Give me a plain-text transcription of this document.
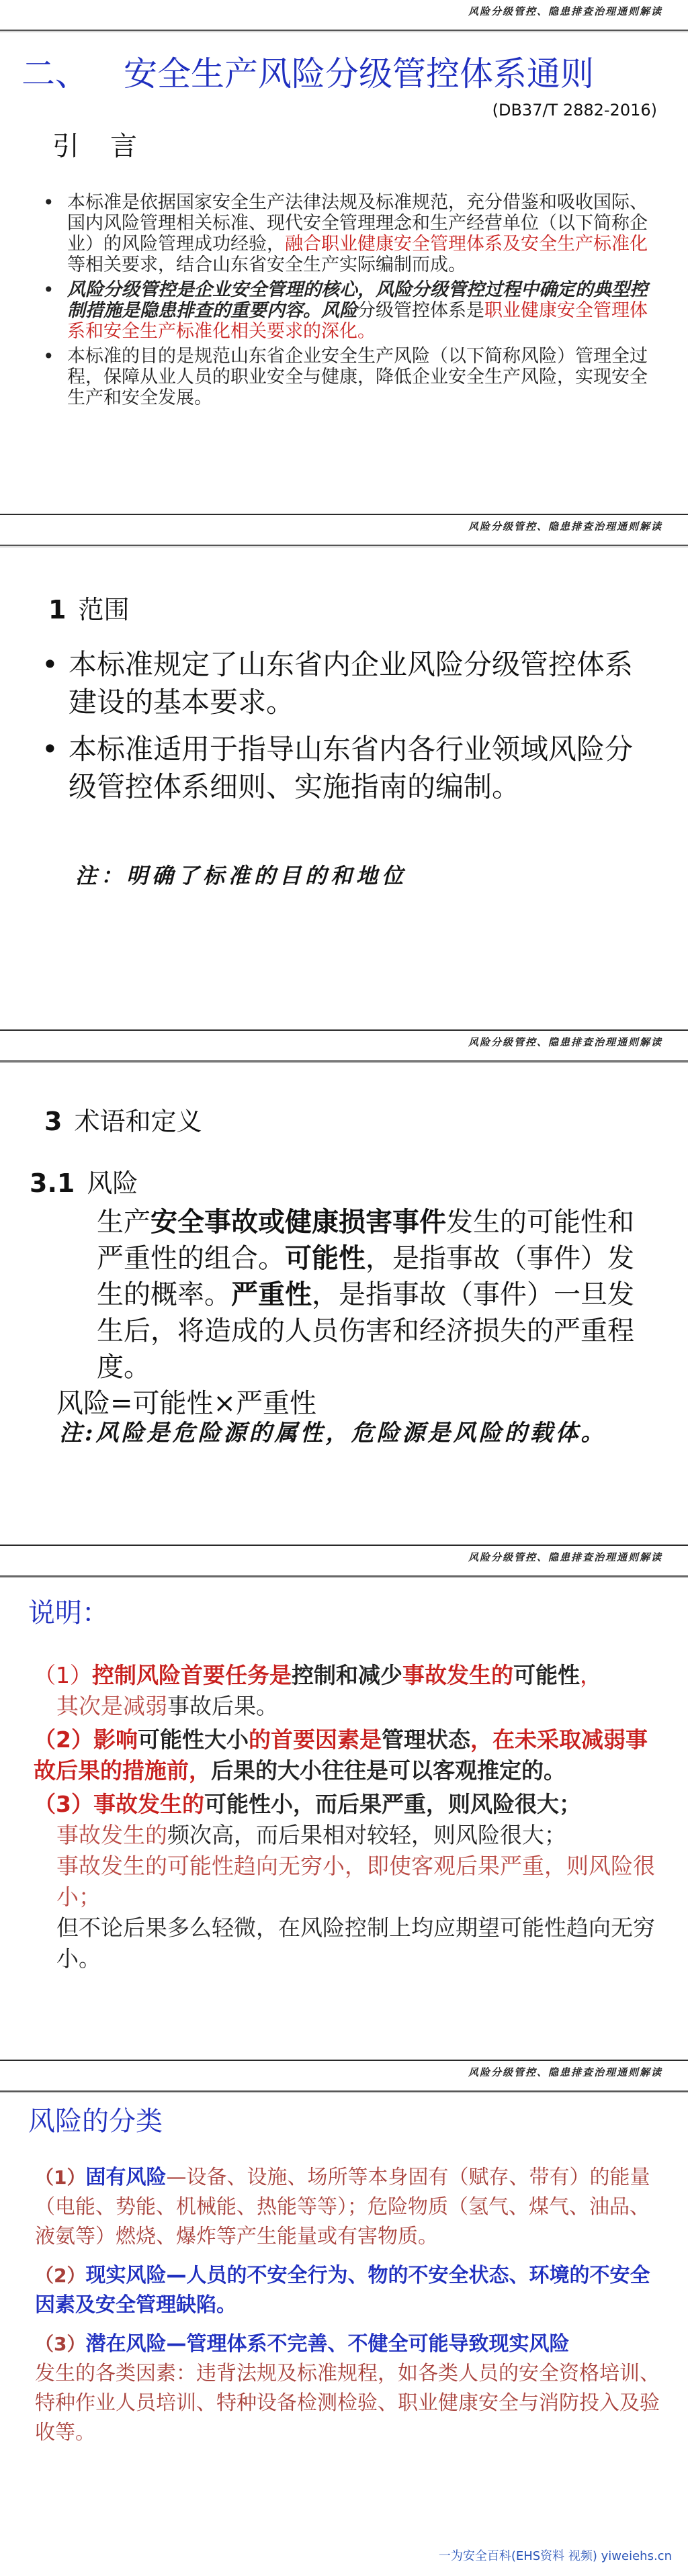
风险分级管控、隐患排查治理通则解读
二、 安全生产风险分级管控体系通则
(DB37/T 2882-2016)
引言
• 本标准是依据国家安全生产法律法规及标准规范，充分借鉴和吸收国际、国内风险管理相关标准、现代安全管理理念和生产经营单位（以下简称企业）的风险管理成功经验，融合职业健康安全管理体系及安全生产标准化等相关要求，结合山东省安全生产实际编制而成。
• 风险分级管控是企业安全管理的核心，风险分级管控过程中确定的典型控制措施是隐患排查的重要内容。风险分级管控体系是职业健康安全管理体系和安全生产标准化相关要求的深化。
• 本标准的目的是规范山东省企业安全生产风险（以下简称风险）管理全过程，保障从业人员的职业安全与健康，降低企业安全生产风险，实现安全生产和安全发展。
风险分级管控、隐患排查治理通则解读
1 范围
• 本标准规定了山东省内企业风险分级管控体系建设的基本要求。
• 本标准适用于指导山东省内各行业领域风险分级管控体系细则、实施指南的编制。
注：明确了标准的目的和地位
风险分级管控、隐患排查治理通则解读
3 术语和定义
3.1 风险
生产安全事故或健康损害事件发生的可能性和严重性的组合。可能性，是指事故（事件）发生的概率。严重性，是指事故（事件）一旦发生后，将造成的人员伤害和经济损失的严重程度。
风险=可能性×严重性
注:风险是危险源的属性，危险源是风险的载体。
风险分级管控、隐患排查治理通则解读
说明：
（1）控制风险首要任务是控制和减少事故发生的可能性，
其次是减弱事故后果。
（2）影响可能性大小的首要因素是管理状态，在未采取减弱事故后果的措施前，后果的大小往往是可以客观推定的。
（3）事故发生的可能性小，而后果严重，则风险很大；
事故发生的频次高，而后果相对较轻，则风险很大；
事故发生的可能性趋向无穷小，即使客观后果严重，则风险很小；
但不论后果多么轻微，在风险控制上均应期望可能性趋向无穷小。
风险分级管控、隐患排查治理通则解读
风险的分类
（1）固有风险—设备、设施、场所等本身固有（赋存、带有）的能量（电能、势能、机械能、热能等等）；危险物质（氢气、煤气、油品、液氨等）燃烧、爆炸等产生能量或有害物质。
（2）现实风险—人员的不安全行为、物的不安全状态、环境的不安全 因素及安全管理缺陷。
（3）潜在风险—管理体系不完善、不健全可能导致现实风险
发生的各类因素：违背法规及标准规程，如各类人员的安全资格培训、特种作业人员培训、特种设备检测检验、职业健康安全与消防投入及验收等。
一为安全百科(EHS资料 视频) yiweiehs.cn
